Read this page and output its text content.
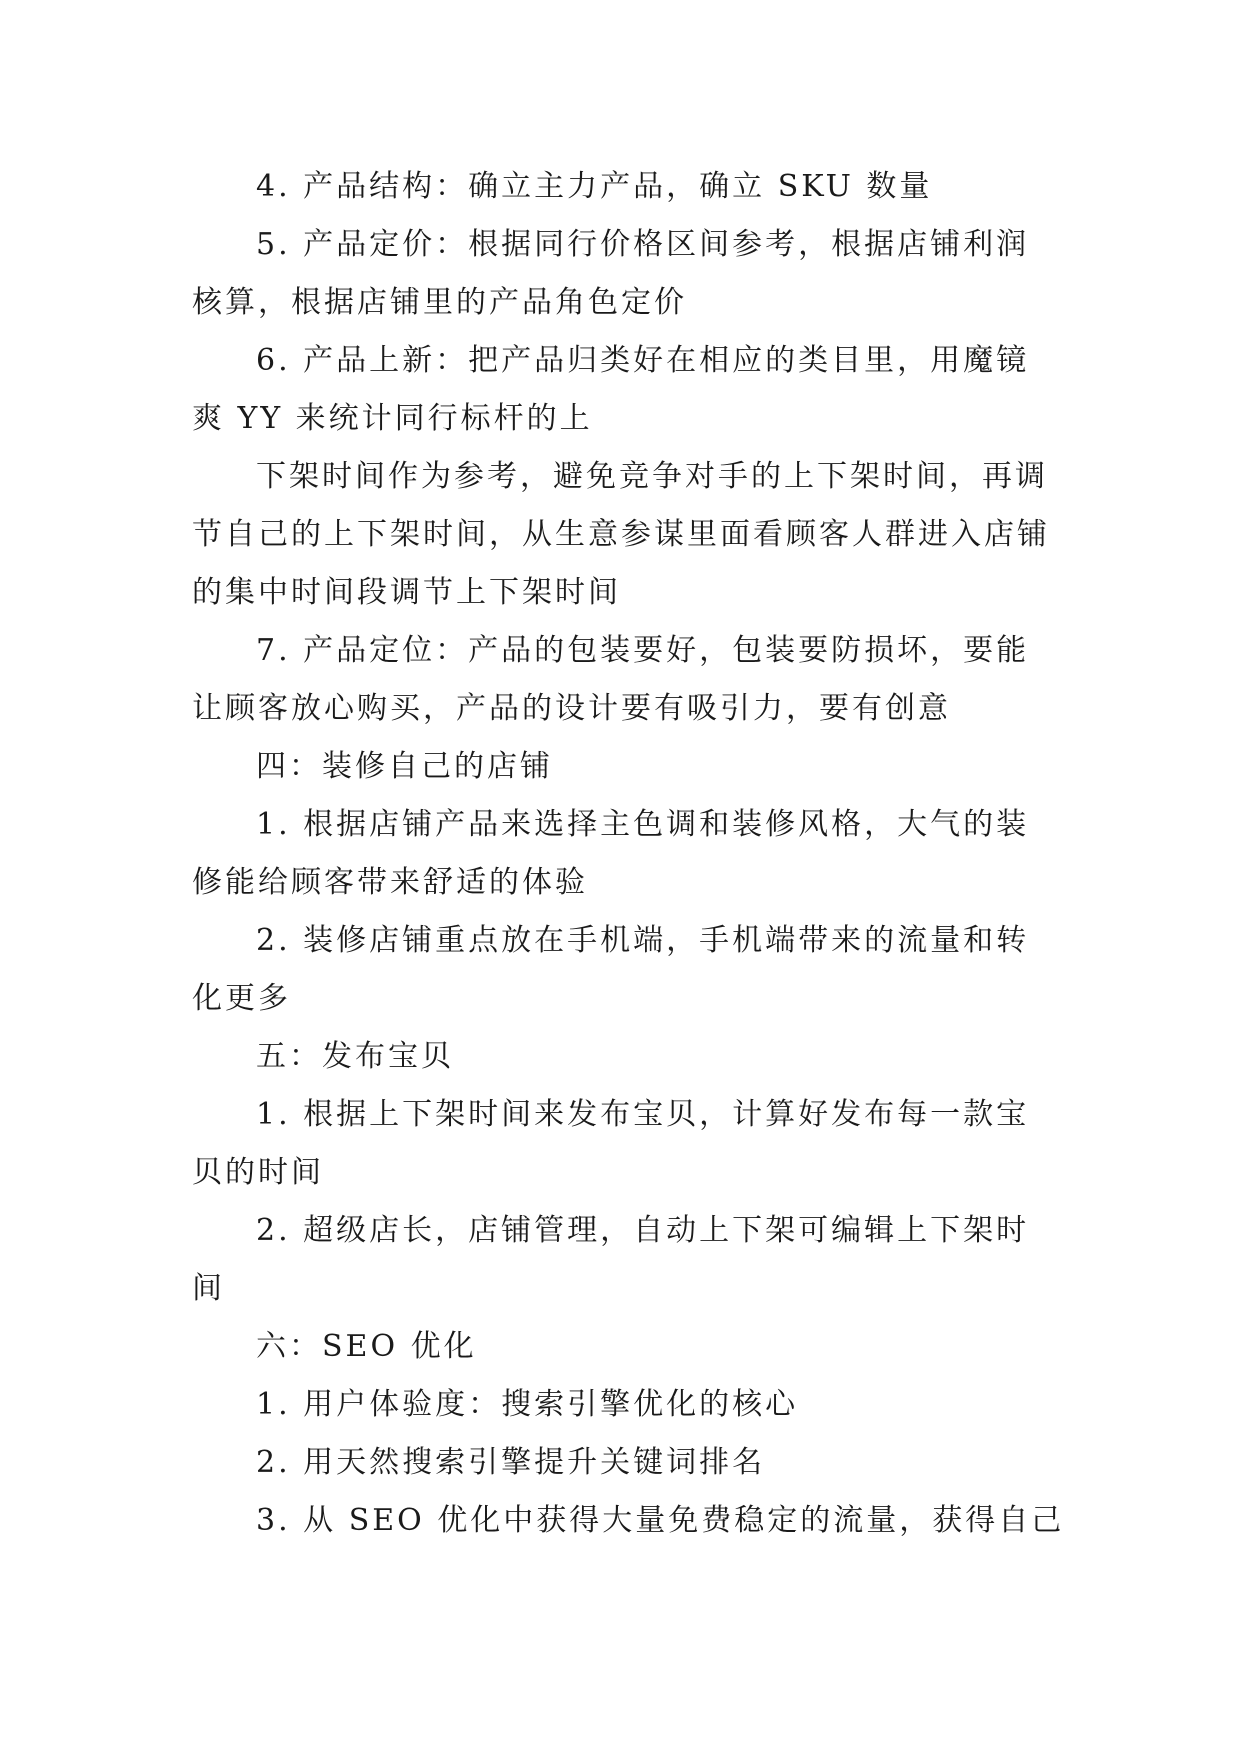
4. 产品结构：确立主力产品，确立 SKU 数量
5. 产品定价：根据同行价格区间参考，根据店铺利润
核算，根据店铺里的产品角色定价
6. 产品上新：把产品归类好在相应的类目里，用魔镜
爽 YY 来统计同行标杆的上
下架时间作为参考，避免竞争对手的上下架时间，再调
节自己的上下架时间，从生意参谋里面看顾客人群进入店铺
的集中时间段调节上下架时间
7. 产品定位：产品的包装要好，包装要防损坏，要能
让顾客放心购买，产品的设计要有吸引力，要有创意
四：装修自己的店铺
1. 根据店铺产品来选择主色调和装修风格，大气的装
修能给顾客带来舒适的体验
2. 装修店铺重点放在手机端，手机端带来的流量和转
化更多
五：发布宝贝
1. 根据上下架时间来发布宝贝，计算好发布每一款宝
贝的时间
2. 超级店长，店铺管理，自动上下架可编辑上下架时
间
六：SEO 优化
1. 用户体验度：搜索引擎优化的核心
2. 用天然搜索引擎提升关键词排名
3. 从 SEO 优化中获得大量免费稳定的流量，获得自己
